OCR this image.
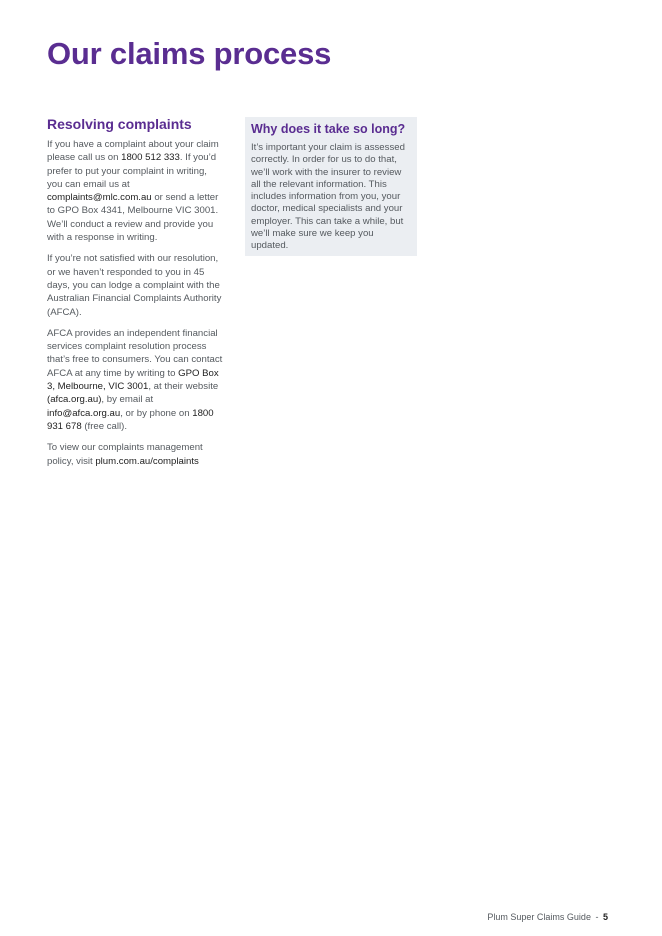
Our claims process
Resolving complaints

If you have a complaint about your claim please call us on 1800 512 333. If you’d prefer to put your complaint in writing, you can email us at complaints@mlc.com.au or send a letter to GPO Box 4341, Melbourne VIC 3001. We’ll conduct a review and provide you with a response in writing.

If you’re not satisfied with our resolution, or we haven’t responded to you in 45 days, you can lodge a complaint with the Australian Financial Complaints Authority (AFCA).

AFCA provides an independent financial services complaint resolution process that’s free to consumers. You can contact AFCA at any time by writing to GPO Box 3, Melbourne, VIC 3001, at their website (afca.org.au), by email at info@afca.org.au, or by phone on 1800 931 678 (free call).

To view our complaints management policy, visit plum.com.au/complaints

Why does it take so long?

It’s important your claim is assessed correctly. In order for us to do that, we’ll work with the insurer to review all the relevant information. This includes information from you, your doctor, medical specialists and your employer. This can take a while, but we’ll make sure we keep you updated.

Plum Super Claims Guide - 5
